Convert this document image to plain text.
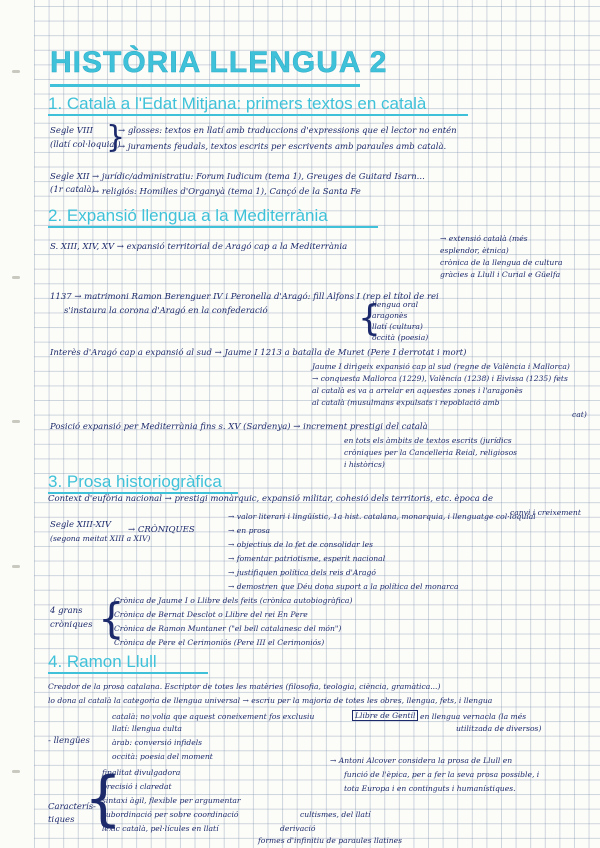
HISTÒRIA LLENGUA 2
1. Català a l'Edat Mitjana: primers textos en català
Segle VIII
(llatí col·loquial)
}
→ glosses: textos en llatí amb traduccions d'expressions que el lector no entén
→ juraments feudals, textos escrits per escrivents amb paraules amb català.
Segle XII
(1r català)
→ jurídic/administratiu: Forum Iudicum (tema 1), Greuges de Guitard Isarn...
→ religiós: Homilies d'Organyà (tema 1), Cançó de la Santa Fe
2. Expansió llengua a la Mediterrània
S. XIII, XIV, XV → expansió territorial de Aragó cap a la Mediterrània
→ extensió català (més
esplendor, ètnica)
crònica de la llengua de cultura
gràcies a Llull i Curial e Güelfa
1137 → matrimoni Ramon Berenguer IV i Peronella d'Aragó: fill Alfons I (rep el títol de rei
s'instaura la corona d'Aragó en la confederació	{
llengua oral
aragonès
llatí (cultura)
occità (poesia)
Interès d'Aragó cap a expansió al sud → Jaume I 1213 a batalla de Muret (Pere I derrotat i mort)
Jaume I dirigeix expansió cap al sud (regne de València i Mallorca)
→ conquesta Mallorca (1229), València (1238) i Eivissa (1235) fets
al català es va a arrelar en aquestes zones i l'aragonès
al català (musulmans expulsats i repoblació amb
cat)
Posició expansió per Mediterrània fins s. XV (Sardenya) → increment prestigi del català
en tots els àmbits de textos escrits (jurídics
cròniques per la Cancelleria Reial, religiosos
i històrics)
3. Prosa historiogràfica
Context d'eufòria nacional → prestigi monàrquic, expansió militar, cohesió dels territoris, etc. època de
canvi i creixement
Segle XIII-XIV
(segona meitat XIII a XIV)
→ CRÒNIQUES
→ valor literari i lingüístic, 1a hist. catalana, monarquia, i llenguatge col·loquial
→ en prosa
→ objectius de lo fet de consolidar les
→ fomentar patriotisme, esperit nacional
→ justifiquen política dels reis d'Aragó
→ demostren que Déu dona suport a la política del monarca
4 grans
cròniques {
Crònica de Jaume I o Llibre dels feits (crònica autobiogràfica)
Crònica de Bernat Desclot o Llibre del rei En Pere
Crònica de Ramon Muntaner ("el bell catalanesc del món")
Crònica de Pere el Cerimoniós (Pere III el Cerimoniós)
4. Ramon Llull
Creador de la prosa catalana. Escriptor de totes les matèries (filosofia, teologia, ciència, gramàtica...)
lo dona al català la categoria de llengua universal → escriu per la majoria de totes les obres, llengua, fets, i llengua
català: no volia que aquest coneixement fos exclusiu	Llibre de Gentil en llengua vernacla (la més
llatí: llengua culta	utilitzada de diversos)
- llengües	àrab: conversió infidels
occità: poesia del moment	→ Antoni Alcover considera la prosa de Llull en
funció de l'èpica, per a fer la seva prosa possible, i
tota Europa i en continguts i humanístiques.
Caracterís-
tiques {
finalitat divulgadora
precisió i claredat
sintaxi àgil, flexible per argumentar
subordinació per sobre coordinació	cultismes, del llatí
lèxic català, pel·lícules en llatí	derivació
formes d'infinitiu de paraules llatines
